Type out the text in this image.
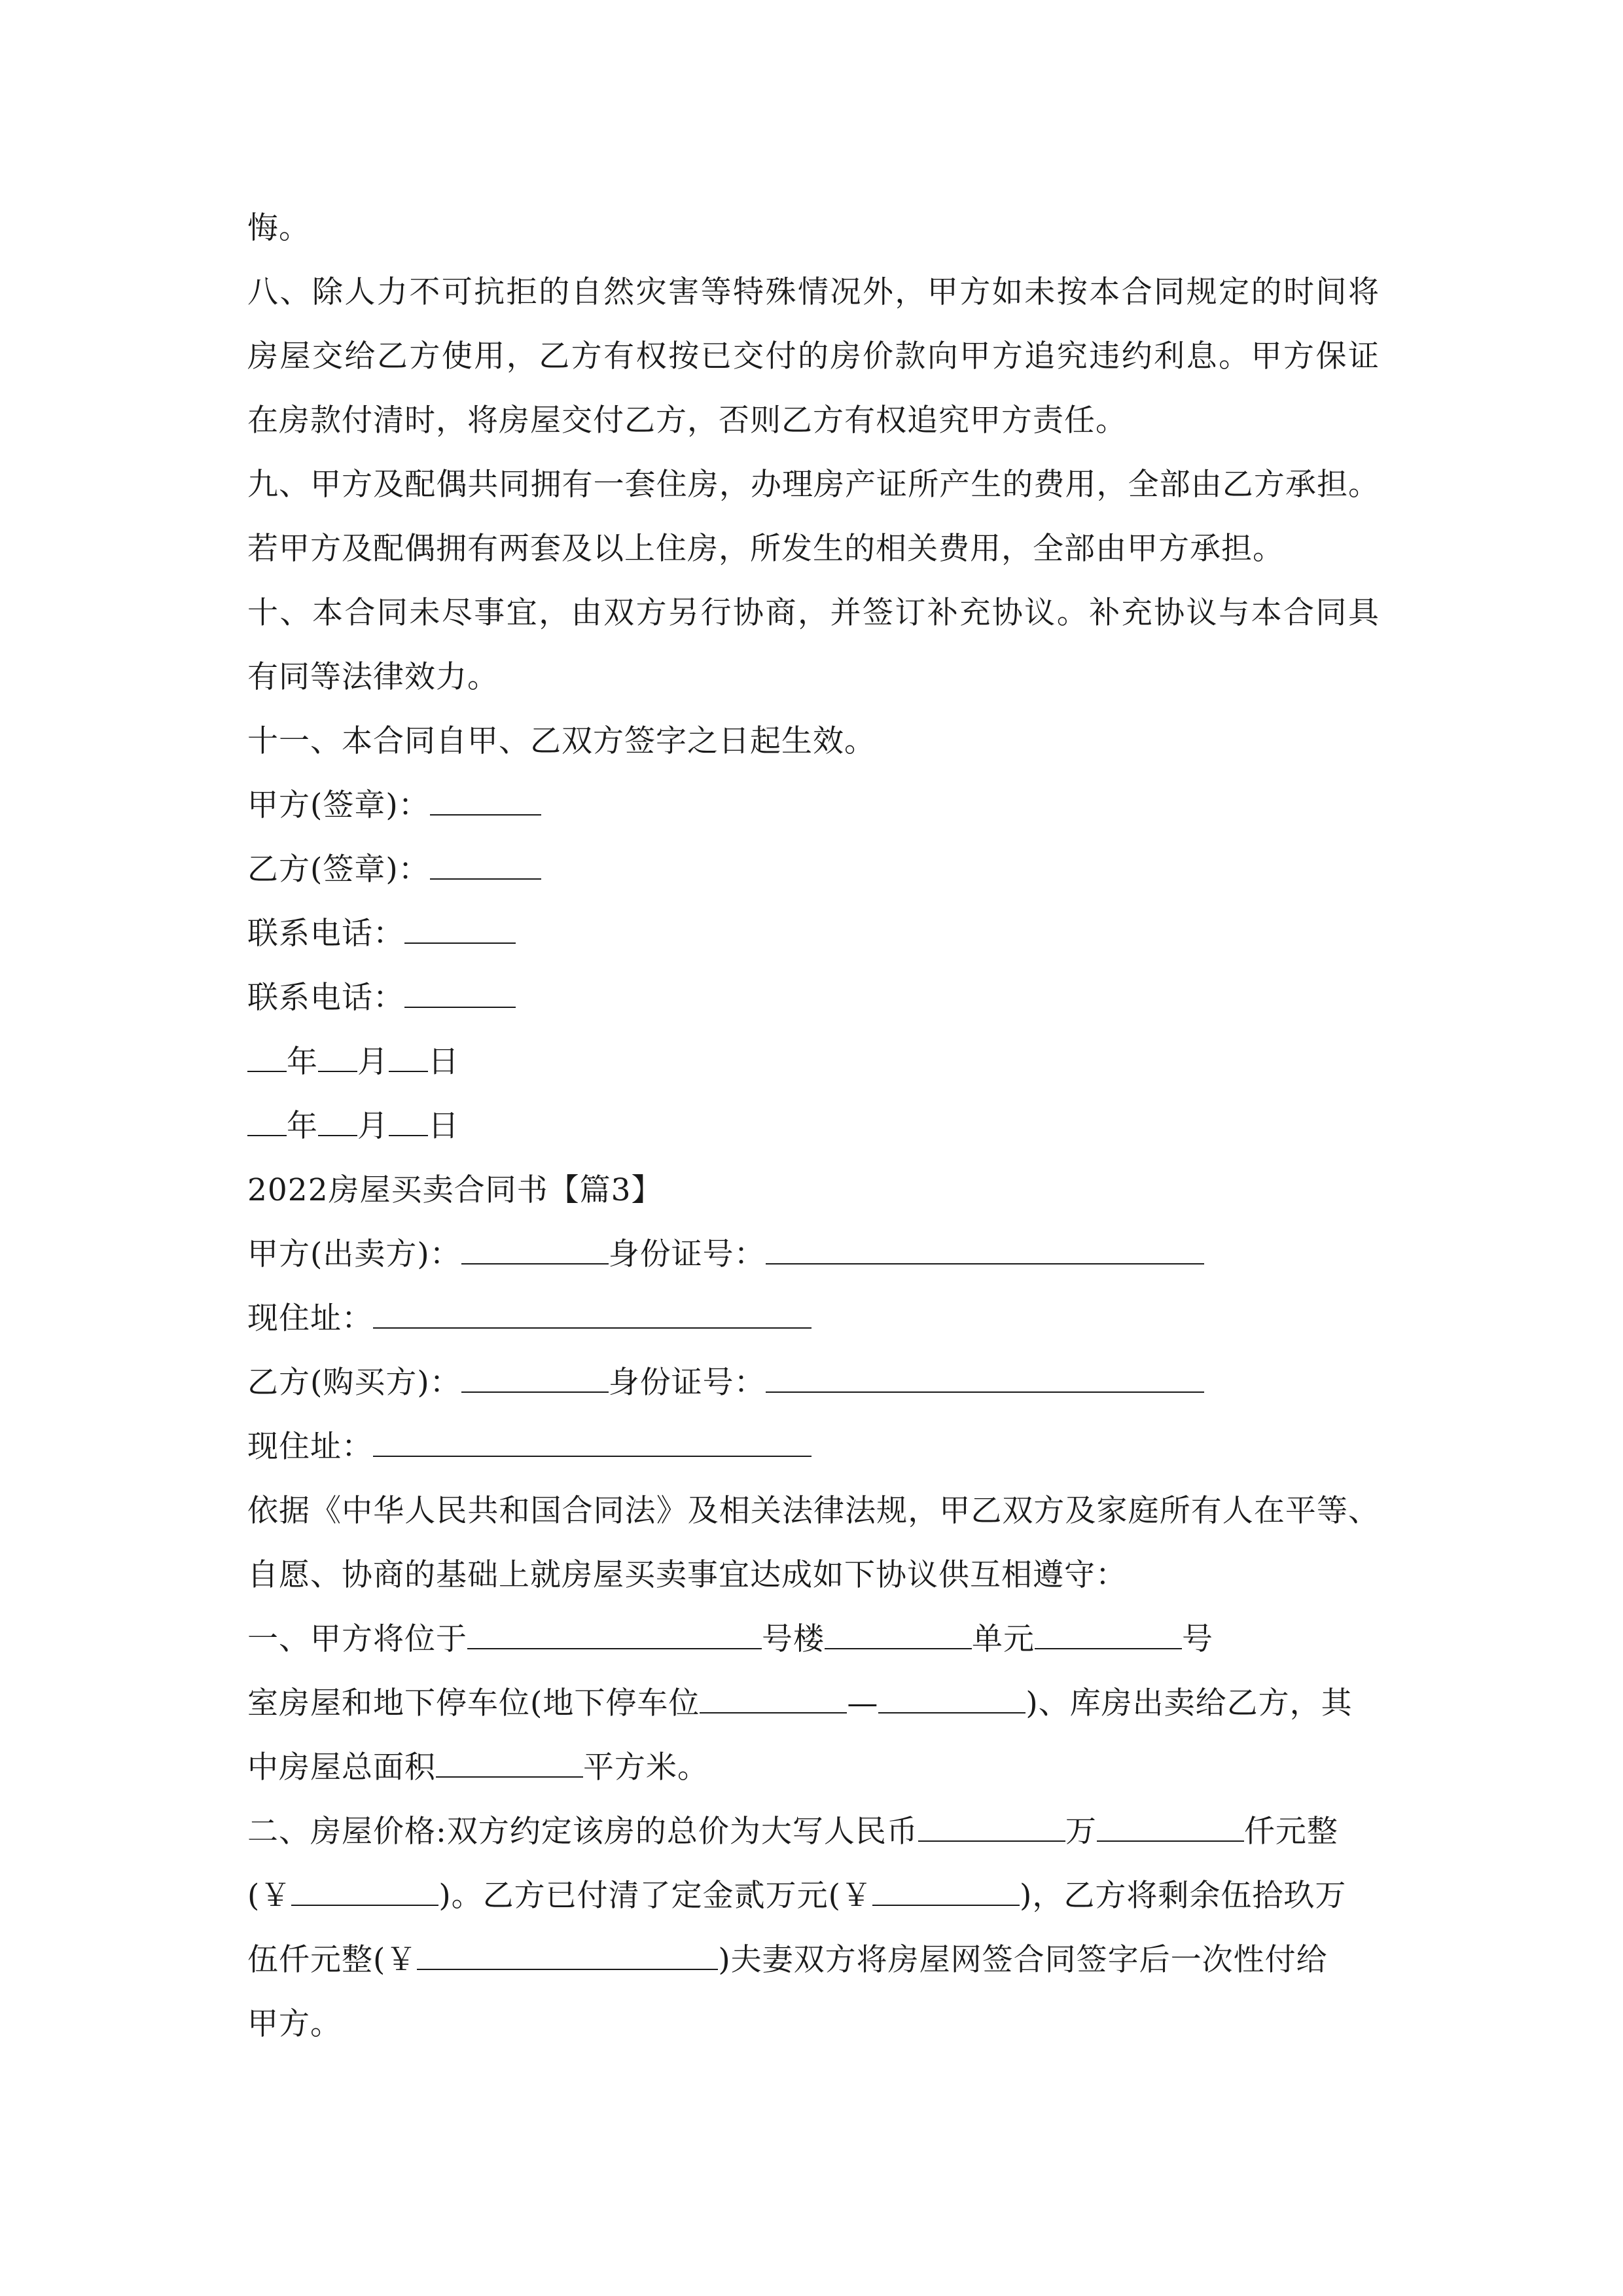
悔。
八、除人力不可抗拒的自然灾害等特殊情况外，甲方如未按本合同规定的时间将
房屋交给乙方使用，乙方有权按已交付的房价款向甲方追究违约利息。甲方保证
在房款付清时，将房屋交付乙方，否则乙方有权追究甲方责任。
九、甲方及配偶共同拥有一套住房，办理房产证所产生的费用，全部由乙方承担。
若甲方及配偶拥有两套及以上住房，所发生的相关费用，全部由甲方承担。
十、本合同未尽事宜，由双方另行协商，并签订补充协议。补充协议与本合同具
有同等法律效力。
十一、本合同自甲、乙双方签字之日起生效。
甲方(签章)：
乙方(签章)：
联系电话：
联系电话：
年 月 日
年 月 日
2022房屋买卖合同书【篇3】
甲方(出卖方)：	身份证号：
现住址：
乙方(购买方)：	身份证号：
现住址：
依据《中华人民共和国合同法》及相关法律法规，甲乙双方及家庭所有人在平等、
自愿、协商的基础上就房屋买卖事宜达成如下协议供互相遵守：
一、甲方将位于	号楼	单元	号
室房屋和地下停车位(地下停车位	—	)、库房出卖给乙方，其
中房屋总面积	平方米。
二、房屋价格:双方约定该房的总价为大写人民币	万	仟元整
(￥	)。乙方已付清了定金贰万元(￥	)，乙方将剩余伍拾玖万
伍仟元整(￥	)夫妻双方将房屋网签合同签字后一次性付给
甲方。
